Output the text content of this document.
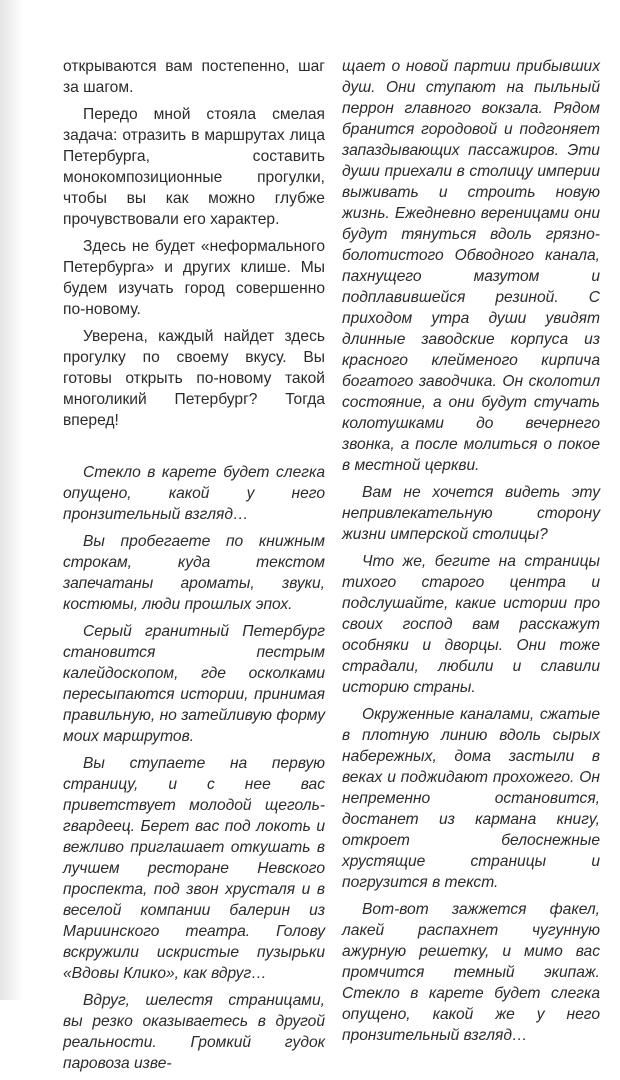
открываются вам постепенно, шаг за шагом.

Передо мной стояла смелая задача: отразить в маршрутах лица Петербурга, составить монокомпозиционные прогулки, чтобы вы как можно глубже прочувствовали его характер.

Здесь не будет «неформального Петербурга» и других клише. Мы будем изучать город совершенно по-новому.

Уверена, каждый найдет здесь прогулку по своему вкусу. Вы готовы открыть по-новому такой многоликий Петербург? Тогда вперед!

Стекло в карете будет слегка опущено, какой у него пронзительный взгляд…

Вы пробегаете по книжным строкам, куда текстом запечатаны ароматы, звуки, костюмы, люди прошлых эпох.

Серый гранитный Петербург становится пестрым калейдоскопом, где осколками пересыпаются истории, принимая правильную, но затейливую форму моих маршрутов.

Вы ступаете на первую страницу, и с нее вас приветствует молодой щеголь-гвардеец. Берет вас под локоть и вежливо приглашает откушать в лучшем ресторане Невского проспекта, под звон хрусталя и в веселой компании балерин из Мариинского театра. Голову вскружили искристые пузырьки «Вдовы Клико», как вдруг…

Вдруг, шелестя страницами, вы резко оказываетесь в другой реальности. Громкий гудок паровоза изве-

щает о новой партии прибывших душ. Они ступают на пыльный перрон главного вокзала. Рядом бранится городовой и подгоняет запаздывающих пассажиров. Эти души приехали в столицу империи выживать и строить новую жизнь. Ежедневно вереницами они будут тянуться вдоль грязно-болотистого Обводного канала, пахнущего мазутом и подплавившейся резиной. С приходом утра души увидят длинные заводские корпуса из красного клейменого кирпича богатого заводчика. Он сколотил состояние, а они будут стучать колотушками до вечернего звонка, а после молиться о покое в местной церкви.

Вам не хочется видеть эту непривлекательную сторону жизни имперской столицы?

Что же, бегите на страницы тихого старого центра и подслушайте, какие истории про своих господ вам расскажут особняки и дворцы. Они тоже страдали, любили и славили историю страны.

Окруженные каналами, сжатые в плотную линию вдоль сырых набережных, дома застыли в веках и поджидают прохожего. Он непременно остановится, достанет из кармана книгу, откроет белоснежные хрустящие страницы и погрузится в текст.

Вот-вот зажжется факел, лакей распахнет чугунную ажурную решетку, и мимо вас промчится темный экипаж. Стекло в карете будет слегка опущено, какой же у него пронзительный взгляд…
